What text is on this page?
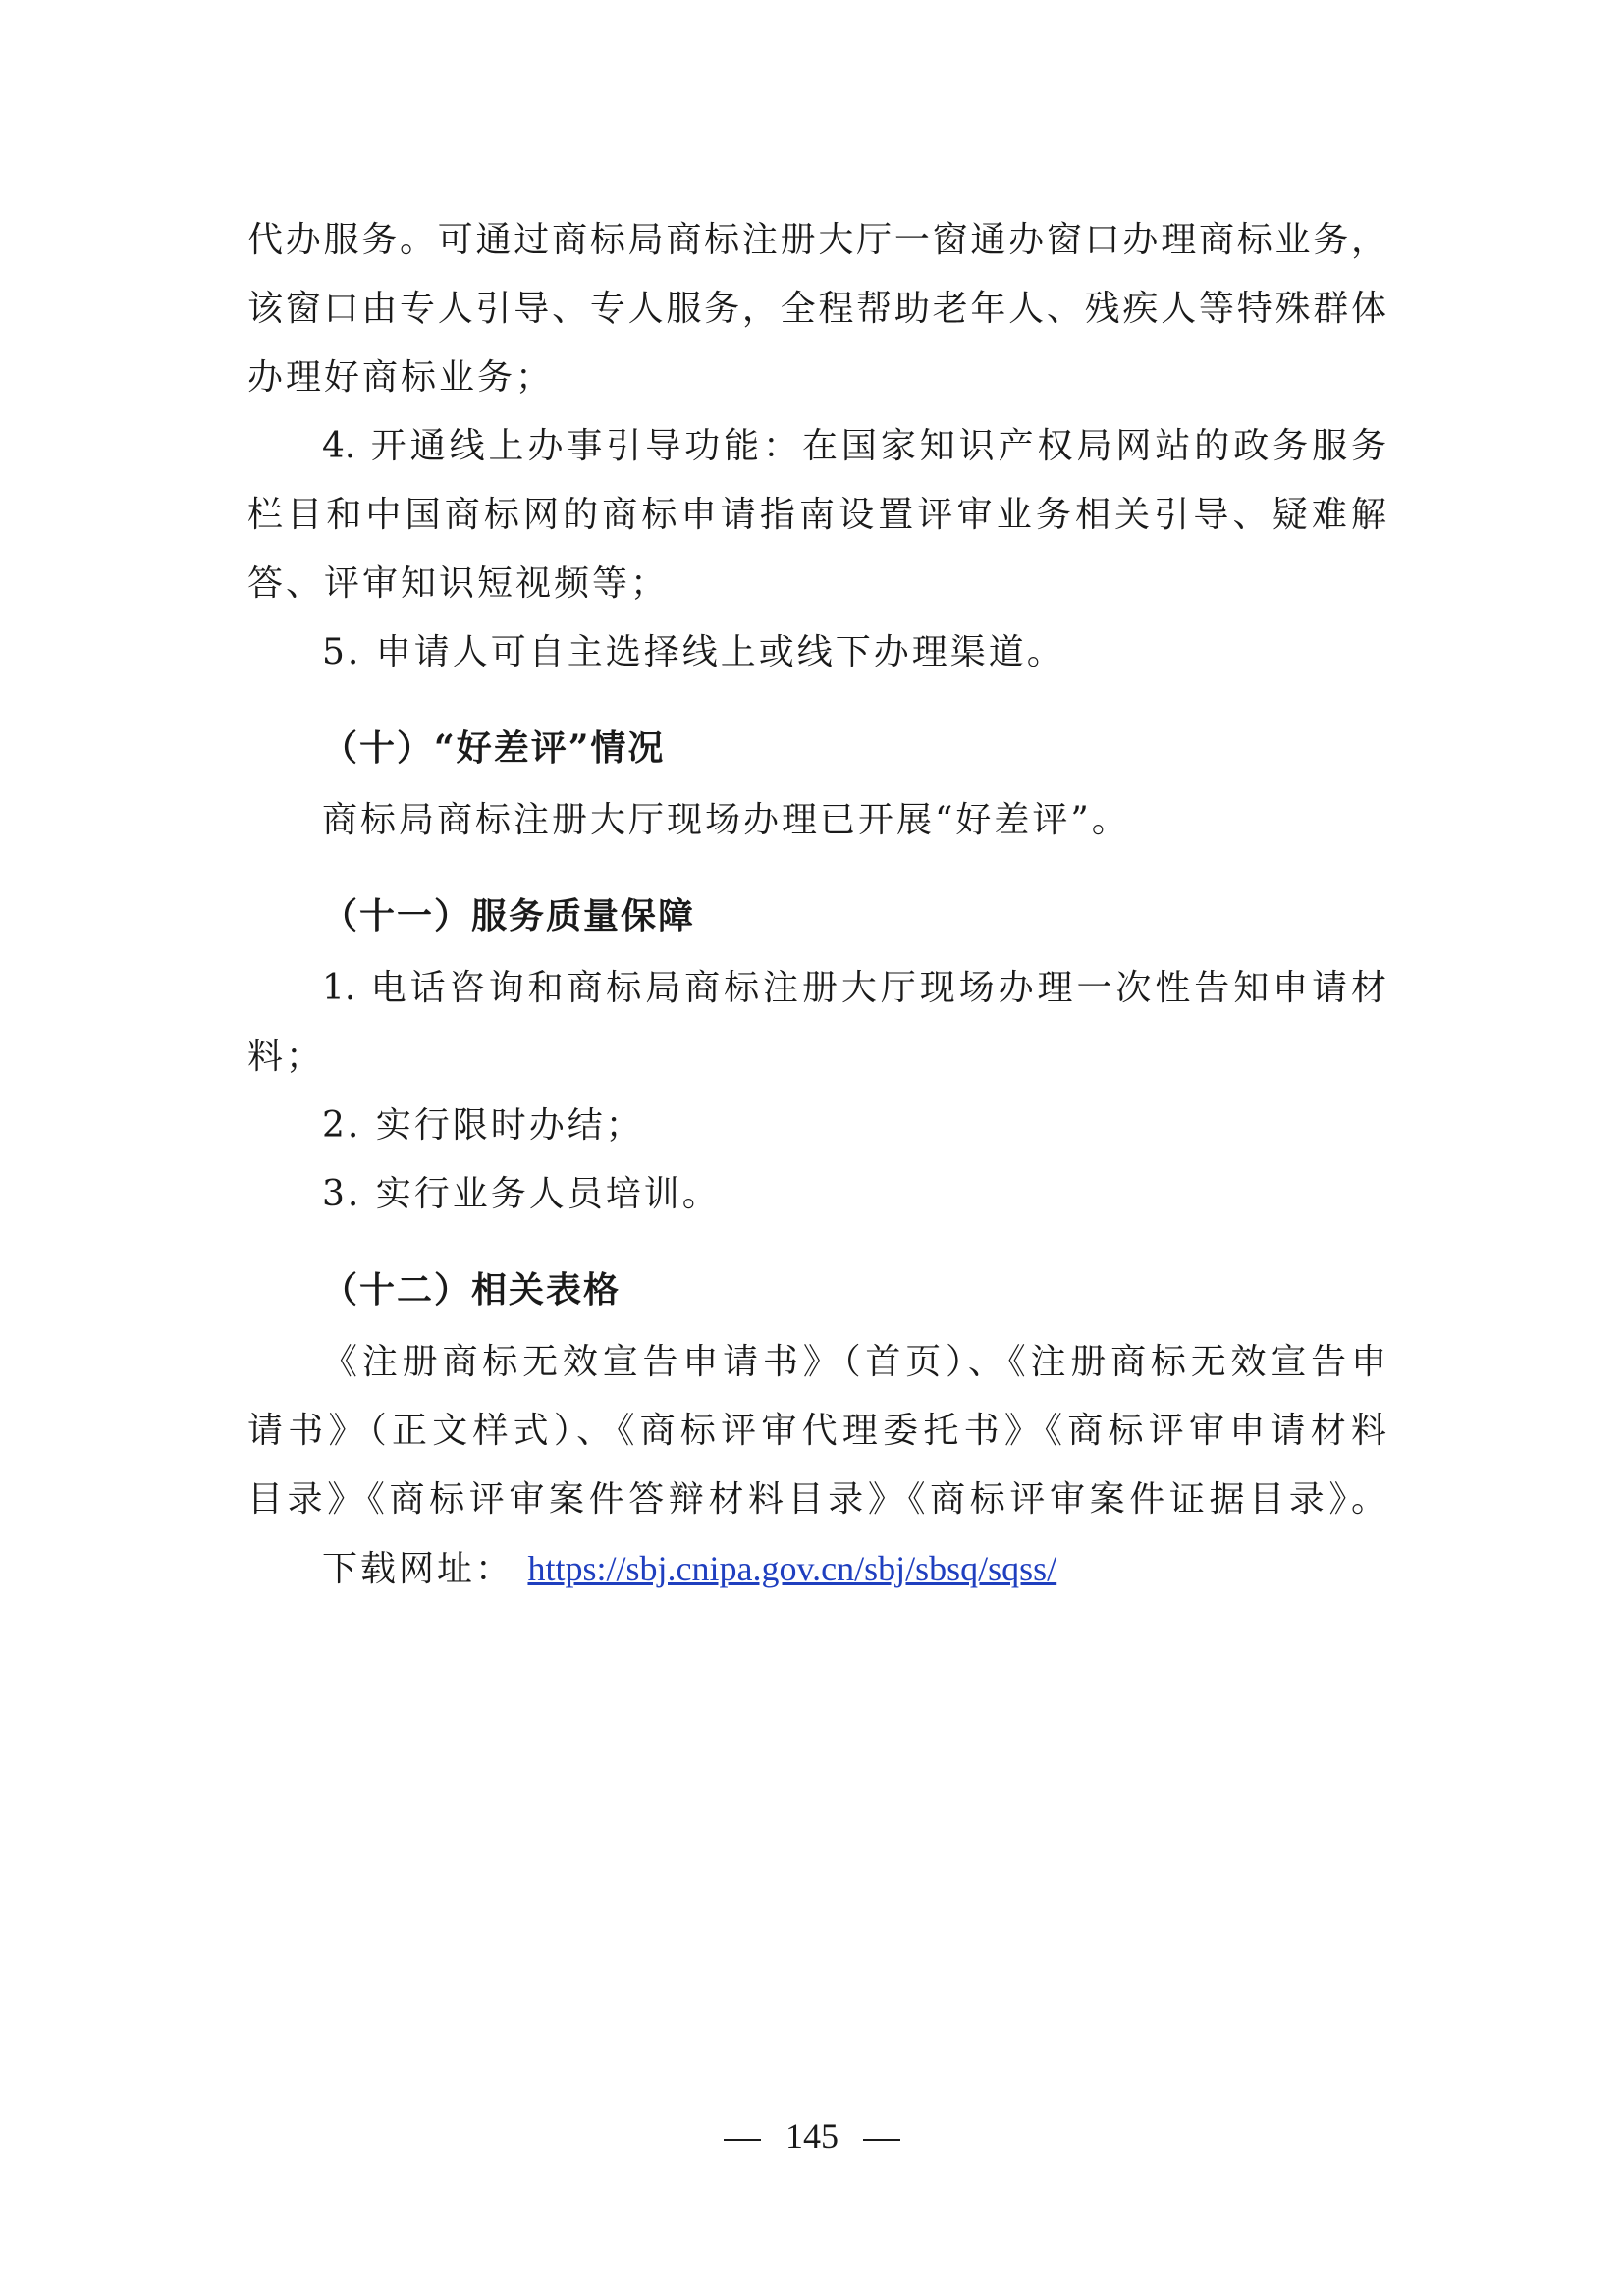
代办服务。可通过商标局商标注册大厅一窗通办窗口办理商标业务，
该窗口由专人引导、专人服务，全程帮助老年人、残疾人等特殊群体
办理好商标业务；
4. 开通线上办事引导功能：在国家知识产权局网站的政务服务
栏目和中国商标网的商标申请指南设置评审业务相关引导、疑难解
答、评审知识短视频等；
5. 申请人可自主选择线上或线下办理渠道。
（十）“好差评”情况
商标局商标注册大厅现场办理已开展“好差评”。
（十一）服务质量保障
1. 电话咨询和商标局商标注册大厅现场办理一次性告知申请材
料；
2. 实行限时办结；
3. 实行业务人员培训。
（十二）相关表格
《注册商标无效宣告申请书》（首页）、《注册商标无效宣告申
请书》（正文样式）、《商标评审代理委托书》《商标评审申请材料
目录》《商标评审案件答辩材料目录》《商标评审案件证据目录》。
下载网址： https://sbj.cnipa.gov.cn/sbj/sbsq/sqss/
145
